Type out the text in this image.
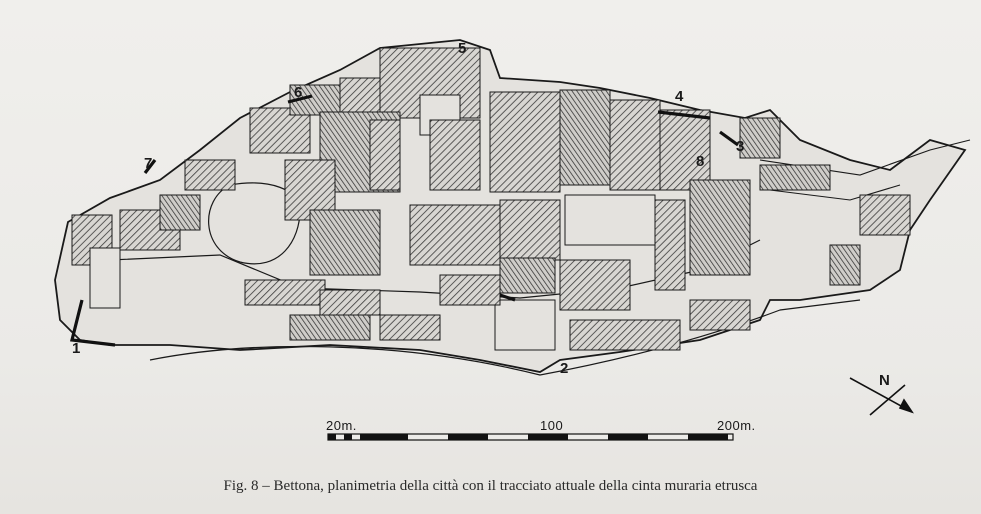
1
2
3
4
5
6
7	8
20m.	100	200m.
N
Fig. 8 – Bettona, planimetria della città con il tracciato attuale della cinta muraria etrusca
